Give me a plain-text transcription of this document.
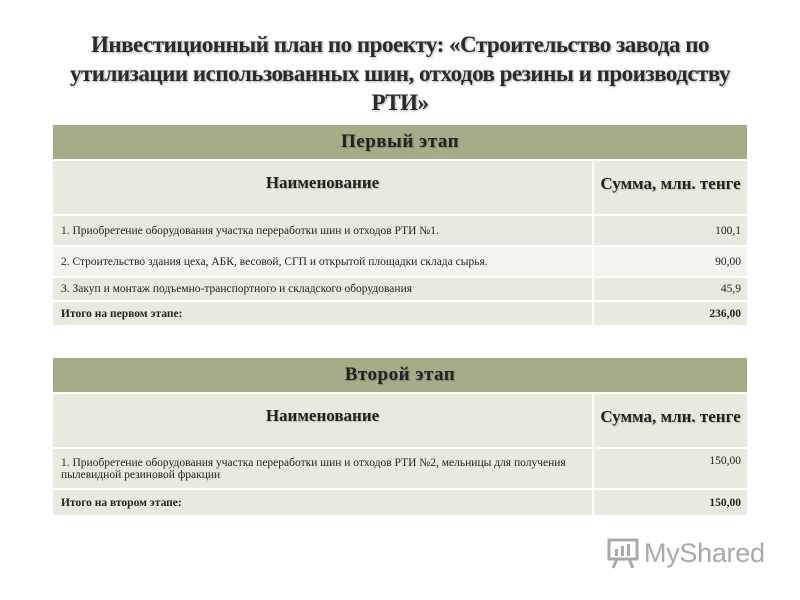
Инвестиционный план по проекту: «Строительство завода по утилизации использованных шин, отходов резины и производству РТИ»
Первый этап	
Наименование	Сумма, млн. тенге
1. Приобретение оборудования участка переработки шин и отходов РТИ №1.	100,1
2. Строительство здания цеха, АБК, весовой, СГП и открытой площадки склада сырья.	90,00
3. Закуп и монтаж подъемно-транспортного и складского оборудования	45,9
Итого на первом этапе:	236,00
Второй этап	
Наименование	Сумма, млн. тенге
1. Приобретение оборудования участка переработки шин и отходов РТИ №2, мельницы для получения пылевидной резиновой фракции	150,00
Итого на втором этапе:	150,00
MyShared
